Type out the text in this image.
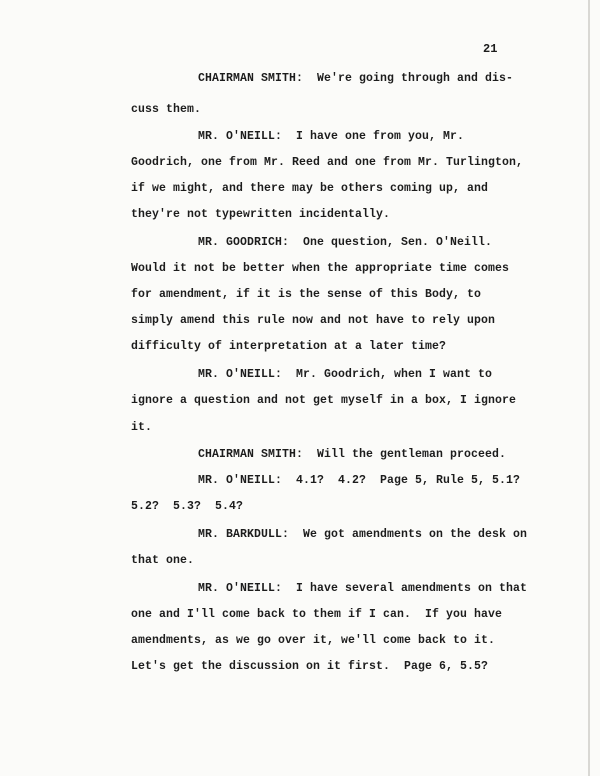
21
CHAIRMAN SMITH:  We're going through and dis-
cuss them.
MR. O'NEILL:  I have one from you, Mr.
Goodrich, one from Mr. Reed and one from Mr. Turlington,
if we might, and there may be others coming up, and
they're not typewritten incidentally.
MR. GOODRICH:  One question, Sen. O'Neill.
Would it not be better when the appropriate time comes
for amendment, if it is the sense of this Body, to
simply amend this rule now and not have to rely upon
difficulty of interpretation at a later time?
MR. O'NEILL:  Mr. Goodrich, when I want to
ignore a question and not get myself in a box, I ignore
it.
CHAIRMAN SMITH:  Will the gentleman proceed.
MR. O'NEILL:  4.1?  4.2?  Page 5, Rule 5, 5.1?
5.2?  5.3?  5.4?
MR. BARKDULL:  We got amendments on the desk on
that one.
MR. O'NEILL:  I have several amendments on that
one and I'll come back to them if I can.  If you have
amendments, as we go over it, we'll come back to it.
Let's get the discussion on it first.  Page 6, 5.5?
